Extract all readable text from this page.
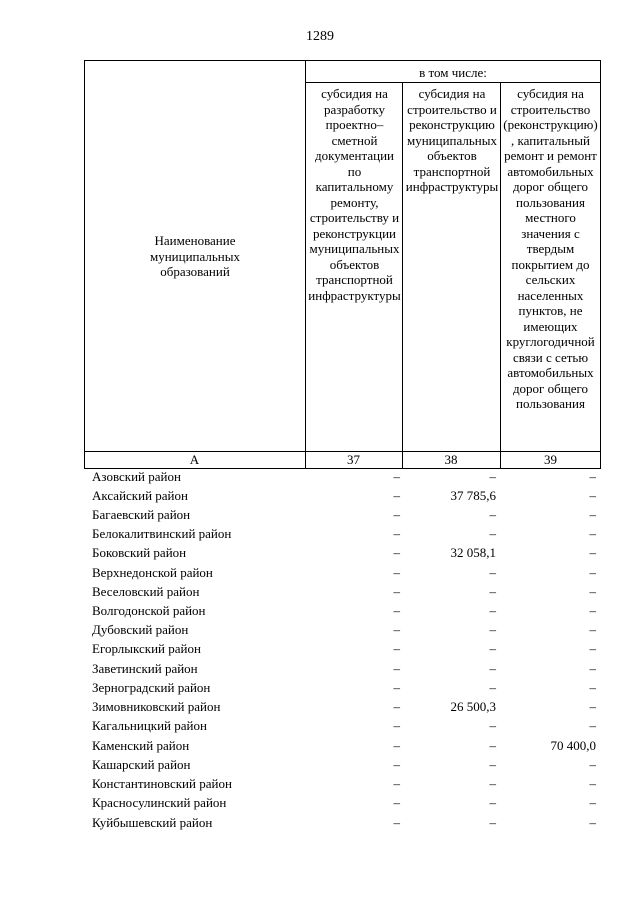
1289
Наименование муниципальных образований
в том числе:
субсидия на разработку проектно–сметной документации по капитальному ремонту, строительству и реконструкции муниципальных объектов транспортной инфраструктуры
субсидия на строительство и реконструкцию муниципальных объектов транспортной инфраструктуры
субсидия на строительство (реконструкцию), капитальный ремонт и ремонт автомобильных дорог общего пользования местного значения с твердым покрытием до сельских населенных пунктов, не имеющих круглогодичной связи с сетью автомобильных дорог общего пользования
А	37	38	39
Азовский район	–	–	–
Аксайский район	–	37 785,6	–
Багаевский район	–	–	–
Белокалитвинский район	–	–	–
Боковский район	–	32 058,1	–
Верхнедонской район	–	–	–
Веселовский район	–	–	–
Волгодонской район	–	–	–
Дубовский район	–	–	–
Егорлыкский район	–	–	–
Заветинский район	–	–	–
Зерноградский район	–	–	–
Зимовниковский район	–	26 500,3	–
Кагальницкий район	–	–	–
Каменский район	–	–	70 400,0
Кашарский район	–	–	–
Константиновский район	–	–	–
Красносулинский район	–	–	–
Куйбышевский район	–	–	–
